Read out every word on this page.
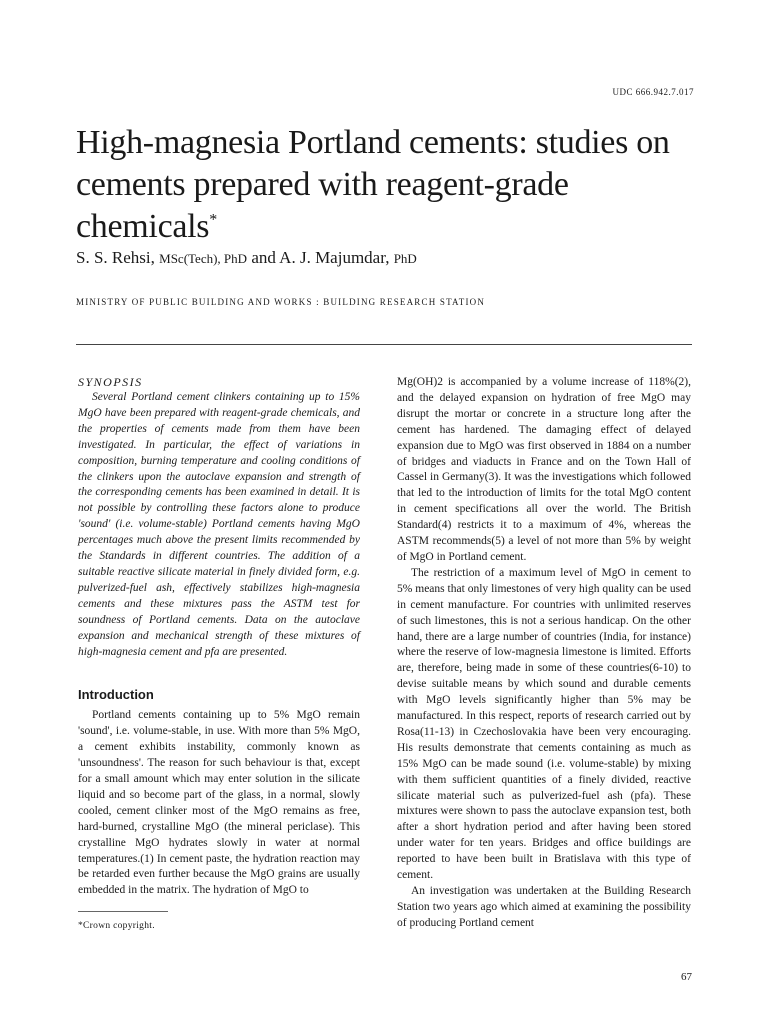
UDC 666.942.7.017
High-magnesia Portland cements: studies on cements prepared with reagent-grade chemicals*
S. S. Rehsi, MSc(Tech), PhD and A. J. Majumdar, PhD
MINISTRY OF PUBLIC BUILDING AND WORKS : BUILDING RESEARCH STATION
SYNOPSIS

Several Portland cement clinkers containing up to 15% MgO have been prepared with reagent-grade chemicals, and the properties of cements made from them have been investigated. In particular, the effect of variations in composition, burning temperature and cooling conditions of the clinkers upon the autoclave expansion and strength of the corresponding cements has been examined in detail. It is not possible by controlling these factors alone to produce 'sound' (i.e. volume-stable) Portland cements having MgO percentages much above the present limits recommended by the Standards in different countries. The addition of a suitable reactive silicate material in finely divided form, e.g. pulverized-fuel ash, effectively stabilizes high-magnesia cements and these mixtures pass the ASTM test for soundness of Portland cements. Data on the autoclave expansion and mechanical strength of these mixtures of high-magnesia cement and pfa are presented.

Introduction

Portland cements containing up to 5% MgO remain 'sound', i.e. volume-stable, in use. With more than 5% MgO, a cement exhibits instability, commonly known as 'unsoundness'. The reason for such behaviour is that, except for a small amount which may enter solution in the silicate liquid and so become part of the glass, in a normal, slowly cooled, cement clinker most of the MgO remains as free, hard-burned, crystalline MgO (the mineral periclase). This crystalline MgO hydrates slowly in water at normal temperatures.(1) In cement paste, the hydration reaction may be retarded even further because the MgO grains are usually embedded in the matrix. The hydration of MgO to

Mg(OH)2 is accompanied by a volume increase of 118%(2), and the delayed expansion on hydration of free MgO may disrupt the mortar or concrete in a structure long after the cement has hardened. The damaging effect of delayed expansion due to MgO was first observed in 1884 on a number of bridges and viaducts in France and on the Town Hall of Cassel in Germany(3). It was the investigations which followed that led to the introduction of limits for the total MgO content in cement specifications all over the world. The British Standard(4) restricts it to a maximum of 4%, whereas the ASTM recommends(5) a level of not more than 5% by weight of MgO in Portland cement.

The restriction of a maximum level of MgO in cement to 5% means that only limestones of very high quality can be used in cement manufacture. For countries with unlimited reserves of such limestones, this is not a serious handicap. On the other hand, there are a large number of countries (India, for instance) where the reserve of low-magnesia limestone is limited. Efforts are, therefore, being made in some of these countries(6-10) to devise suitable means by which sound and durable cements with MgO levels significantly higher than 5% may be manufactured. In this respect, reports of research carried out by Rosa(11-13) in Czechoslovakia have been very encouraging. His results demonstrate that cements containing as much as 15% MgO can be made sound (i.e. volume-stable) by mixing with them sufficient quantities of a finely divided, reactive silicate material such as pulverized-fuel ash (pfa). These mixtures were shown to pass the autoclave expansion test, both after a short hydration period and after having been stored under water for ten years. Bridges and office buildings are reported to have been built in Bratislava with this type of cement.

An investigation was undertaken at the Building Research Station two years ago which aimed at examining the possibility of producing Portland cement

*Crown copyright.
67
